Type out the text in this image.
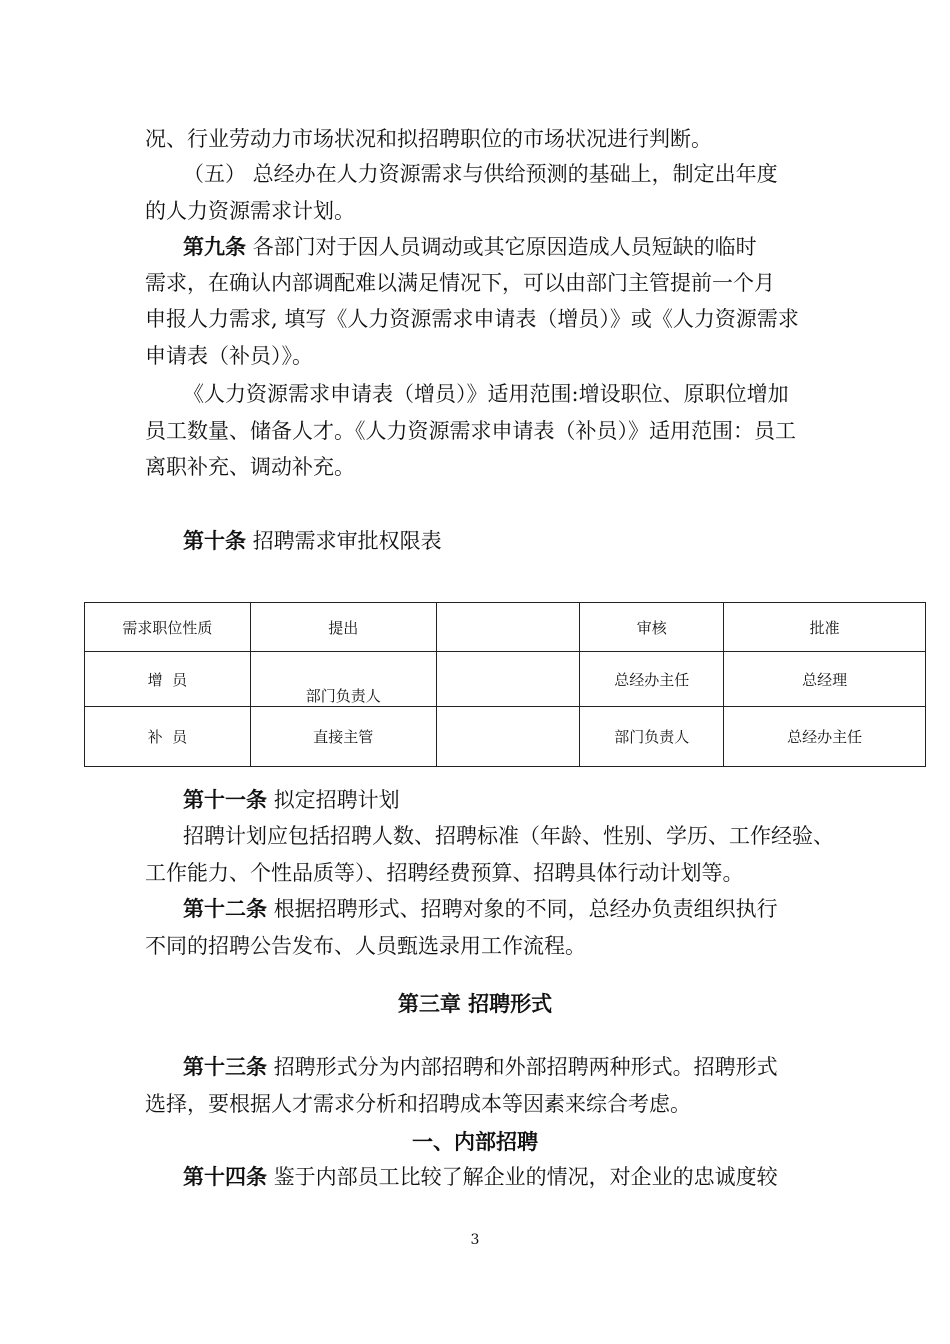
况、行业劳动力市场状况和拟招聘职位的市场状况进行判断。
（五） 总经办在人力资源需求与供给预测的基础上，制定出年度
的人力资源需求计划。
第九条 各部门对于因人员调动或其它原因造成人员短缺的临时
需求，在确认内部调配难以满足情况下，可以由部门主管提前一个月
申报人力需求, 填写《人力资源需求申请表（增员）》或《人力资源需求
申请表（补员）》。
《人力资源需求申请表（增员）》适用范围:增设职位、原职位增加
员工数量、储备人才。《人力资源需求申请表（补员）》适用范围：员工
离职补充、调动补充。
第十条 招聘需求审批权限表
需求职位性质	提出		审核	批准
增  员	部门负责人		总经办主任	总经理
补  员	直接主管		部门负责人	总经办主任
第十一条 拟定招聘计划
招聘计划应包括招聘人数、招聘标准（年龄、性别、学历、工作经验、
工作能力、个性品质等）、招聘经费预算、招聘具体行动计划等。
第十二条 根据招聘形式、招聘对象的不同，总经办负责组织执行
不同的招聘公告发布、人员甄选录用工作流程。
第三章 招聘形式
第十三条 招聘形式分为内部招聘和外部招聘两种形式。招聘形式
选择，要根据人才需求分析和招聘成本等因素来综合考虑。
一、内部招聘
第十四条 鉴于内部员工比较了解企业的情况，对企业的忠诚度较
3
